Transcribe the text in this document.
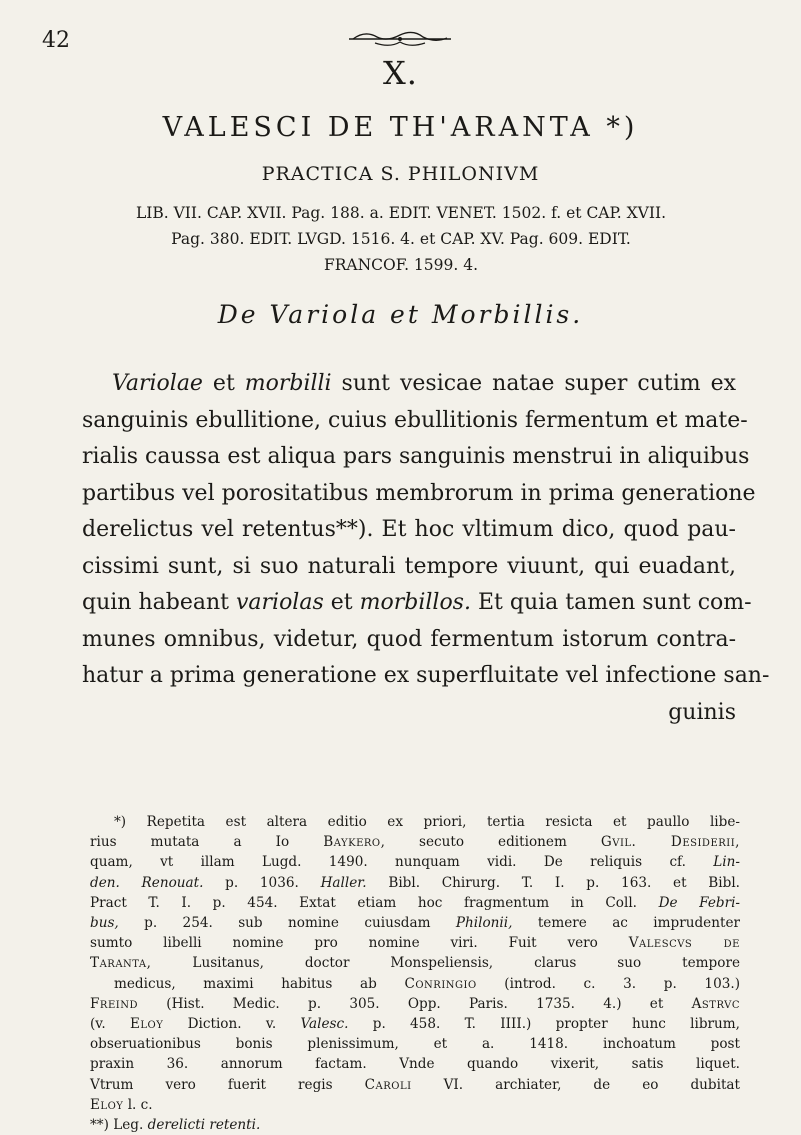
42
X.
VALESCI DE TH'ARANTA *)
PRACTICA S. PHILONIVM
LIB. VII. CAP. XVII. Pag. 188. a. EDIT. VENET. 1502. f. et CAP. XVII.
Pag. 380. EDIT. LVGD. 1516. 4. et CAP. XV. Pag. 609. EDIT.
FRANCOF. 1599. 4.
De Variola et Morbillis.
Variolae et morbilli sunt vesicae natae super cutim ex
sanguinis ebullitione, cuius ebullitionis fermentum et mate-
rialis caussa est aliqua pars sanguinis menstrui in aliquibus
partibus vel porositatibus membrorum in prima generatione
derelictus vel retentus**). Et hoc vltimum dico, quod pau-
cissimi sunt, si suo naturali tempore viuunt, qui euadant,
quin habeant variolas et morbillos. Et quia tamen sunt com-
munes omnibus, videtur, quod fermentum istorum contra-
hatur a prima generatione ex superfluitate vel infectione san-
guinis
*) Repetita est altera editio ex priori, tertia resicta et paullo libe-
rius mutata a Io Baykero, secuto editionem Gvil. Desiderii,
quam, vt illam Lugd. 1490. nunquam vidi. De reliquis cf. Lin-
den. Renouat. p. 1036. Haller. Bibl. Chirurg. T. I. p. 163. et Bibl.
Pract T. I. p. 454. Extat etiam hoc fragmentum in Coll. De Febri-
bus, p. 254. sub nomine cuiusdam Philonii, temere ac imprudenter
sumto libelli nomine pro nomine viri. Fuit vero Valescvs de
Taranta, Lusitanus, doctor Monspeliensis, clarus suo tempore
medicus, maximi habitus ab Conringio (introd. c. 3. p. 103.)
Freind (Hist. Medic. p. 305. Opp. Paris. 1735. 4.) et Astrvc
(v. Eloy Diction. v. Valesc. p. 458. T. IIII.) propter hunc librum,
obseruationibus bonis plenissimum, et a. 1418. inchoatum post
praxin 36. annorum factam. Vnde quando vixerit, satis liquet.
Vtrum vero fuerit regis Caroli VI. archiater, de eo dubitat
Eloy l. c.
**) Leg. derelicti retenti.
